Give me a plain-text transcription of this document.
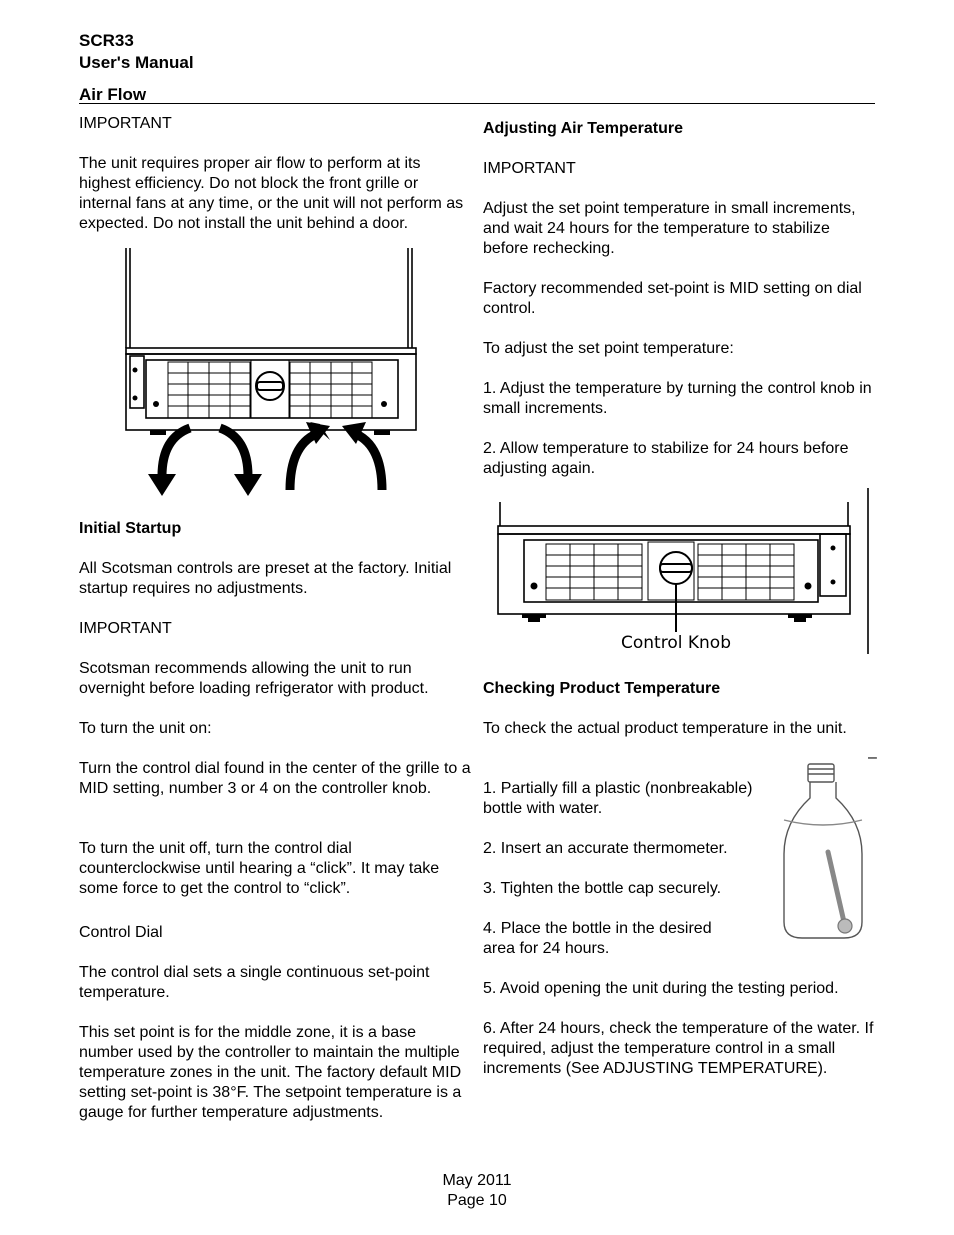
SCR33
User's Manual
Air Flow

IMPORTANT

The unit requires proper air flow to perform at its highest efficiency. Do not block the front grille or internal fans at any time, or the unit will not perform as expected. Do not install the unit behind a door.

Initial Startup

All Scotsman controls are preset at the factory. Initial startup requires no adjustments.

IMPORTANT

Scotsman recommends allowing the unit to run overnight before loading refrigerator with product.

To turn the unit on:

Turn the control dial found in the center of the grille to a MID setting, number 3 or 4 on the controller knob.

To turn the unit off, turn the control dial counterclockwise until hearing a “click”. It may take some force to get the control to “click”.

Control Dial

The control dial sets a single continuous set-point temperature.

This set point is for the middle zone, it is a base number used by the controller to maintain the multiple temperature zones in the unit. The factory default MID setting set-point is 38°F. The setpoint temperature is a gauge for further temperature adjustments.

Adjusting Air Temperature

IMPORTANT

Adjust the set point temperature in small increments, and wait 24 hours for the temperature to stabilize before rechecking.

Factory recommended set-point is MID setting on dial control.

To adjust the set point temperature:

1. Adjust the temperature by turning the control knob in small increments.

2. Allow temperature to stabilize for 24 hours before adjusting again.

Control Knob

Checking Product Temperature

To check the actual product temperature in the unit.

–

1. Partially fill a plastic (nonbreakable) bottle with water.

2. Insert an accurate thermometer.

3. Tighten the bottle cap securely.

4. Place the bottle in the desired area for 24 hours.

5. Avoid opening the unit during the testing period.

6. After 24 hours, check the temperature of the water. If required, adjust the temperature control in a small increments (See ADJUSTING TEMPERATURE).

May 2011
Page 10
